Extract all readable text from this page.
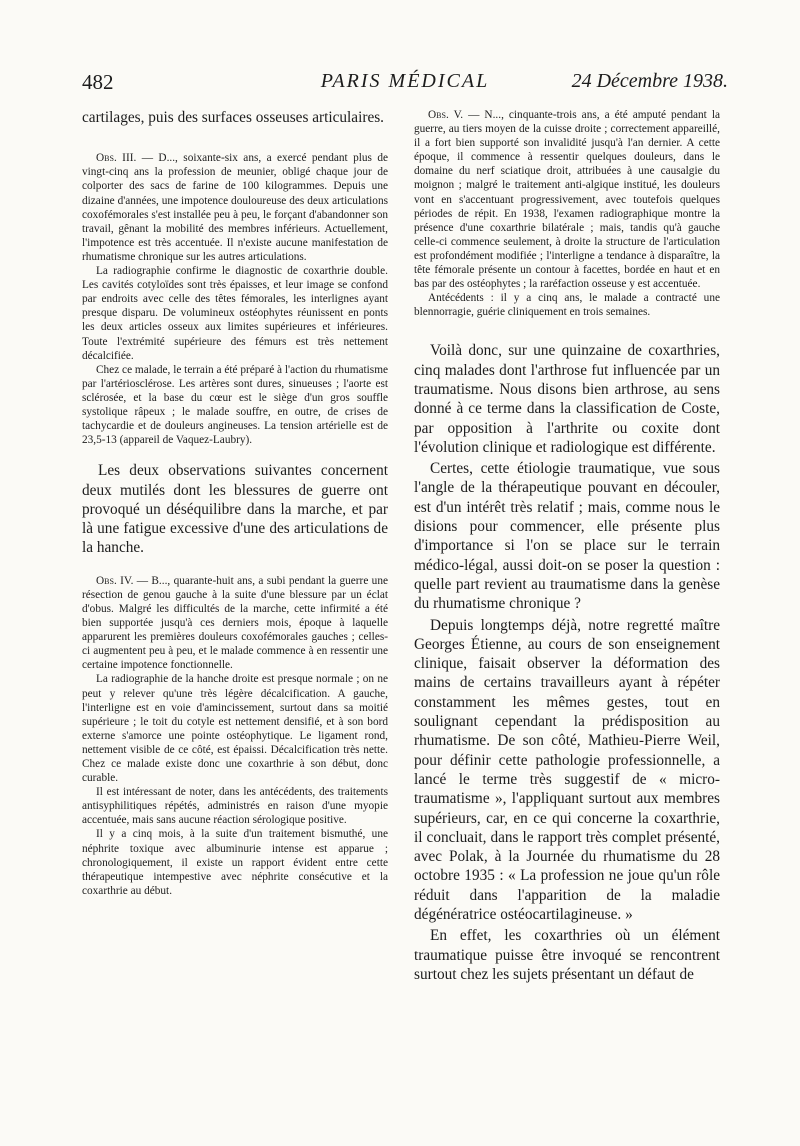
482	PARIS MÉDICAL	24 Décembre 1938.

cartilages, puis des surfaces osseuses articulaires.

Obs. III. — D..., soixante-six ans, a exercé pendant plus de vingt-cinq ans la profession de meunier, obligé chaque jour de colporter des sacs de farine de 100 kilogrammes. Depuis une dizaine d'années, une impotence douloureuse des deux articulations coxofémorales s'est installée peu à peu, le forçant d'abandonner son travail, gênant la mobilité des membres inférieurs. Actuellement, l'impotence est très accentuée. Il n'existe aucune manifestation de rhumatisme chronique sur les autres articulations.

La radiographie confirme le diagnostic de coxarthrie double. Les cavités cotyloïdes sont très épaisses, et leur image se confond par endroits avec celle des têtes fémorales, les interlignes ayant presque disparu. De volumineux ostéophytes réunissent en ponts les deux articles osseux aux limites supérieures et inférieures. Toute l'extrémité supérieure des fémurs est très nettement décalcifiée.

Chez ce malade, le terrain a été préparé à l'action du rhumatisme par l'artériosclérose. Les artères sont dures, sinueuses ; l'aorte est sclérosée, et la base du cœur est le siège d'un gros souffle systolique râpeux ; le malade souffre, en outre, de crises de tachycardie et de douleurs angineuses. La tension artérielle est de 23,5-13 (appareil de Vaquez-Laubry).

Les deux observations suivantes concernent deux mutilés dont les blessures de guerre ont provoqué un déséquilibre dans la marche, et par là une fatigue excessive d'une des articulations de la hanche.

Obs. IV. — B..., quarante-huit ans, a subi pendant la guerre une résection de genou gauche à la suite d'une blessure par un éclat d'obus. Malgré les difficultés de la marche, cette infirmité a été bien supportée jusqu'à ces derniers mois, époque à laquelle apparurent les premières douleurs coxofémorales gauches ; celles-ci augmentent peu à peu, et le malade commence à en ressentir une certaine impotence fonctionnelle.

La radiographie de la hanche droite est presque normale ; on ne peut y relever qu'une très légère décalcification. A gauche, l'interligne est en voie d'amincissement, surtout dans sa moitié supérieure ; le toit du cotyle est nettement densifié, et à son bord externe s'amorce une pointe ostéophytique. Le ligament rond, nettement visible de ce côté, est épaissi. Décalcification très nette. Chez ce malade existe donc une coxarthrie à son début, donc curable.

Il est intéressant de noter, dans les antécédents, des traitements antisyphilitiques répétés, administrés en raison d'une myopie accentuée, mais sans aucune réaction sérologique positive.

Il y a cinq mois, à la suite d'un traitement bismuthé, une néphrite toxique avec albuminurie intense est apparue ; chronologiquement, il existe un rapport évident entre cette thérapeutique intempestive avec néphrite consécutive et la coxarthrie au début.

Obs. V. — N..., cinquante-trois ans, a été amputé pendant la guerre, au tiers moyen de la cuisse droite ; correctement appareillé, il a fort bien supporté son invalidité jusqu'à l'an dernier. A cette époque, il commence à ressentir quelques douleurs, dans le domaine du nerf sciatique droit, attribuées à une causalgie du moignon ; malgré le traitement anti-algique institué, les douleurs vont en s'accentuant progressivement, avec toutefois quelques périodes de répit. En 1938, l'examen radiographique montre la présence d'une coxarthrie bilatérale ; mais, tandis qu'à gauche celle-ci commence seulement, à droite la structure de l'articulation est profondément modifiée ; l'interligne a tendance à disparaître, la tête fémorale présente un contour à facettes, bordée en haut et en bas par des ostéophytes ; la raréfaction osseuse y est accentuée.

Antécédents : il y a cinq ans, le malade a contracté une blennorragie, guérie cliniquement en trois semaines.

Voilà donc, sur une quinzaine de coxarthries, cinq malades dont l'arthrose fut influencée par un traumatisme. Nous disons bien arthrose, au sens donné à ce terme dans la classification de Coste, par opposition à l'arthrite ou coxite dont l'évolution clinique et radiologique est différente.

Certes, cette étiologie traumatique, vue sous l'angle de la thérapeutique pouvant en découler, est d'un intérêt très relatif ; mais, comme nous le disions pour commencer, elle présente plus d'importance si l'on se place sur le terrain médico-légal, aussi doit-on se poser la question : quelle part revient au traumatisme dans la genèse du rhumatisme chronique ?

Depuis longtemps déjà, notre regretté maître Georges Étienne, au cours de son enseignement clinique, faisait observer la déformation des mains de certains travailleurs ayant à répéter constamment les mêmes gestes, tout en soulignant cependant la prédisposition au rhumatisme. De son côté, Mathieu-Pierre Weil, pour définir cette pathologie professionnelle, a lancé le terme très suggestif de « micro-traumatisme », l'appliquant surtout aux membres supérieurs, car, en ce qui concerne la coxarthrie, il concluait, dans le rapport très complet présenté, avec Polak, à la Journée du rhumatisme du 28 octobre 1935 : « La profession ne joue qu'un rôle réduit dans l'apparition de la maladie dégénératrice ostéocartilagineuse. »

En effet, les coxarthries où un élément traumatique puisse être invoqué se rencontrent surtout chez les sujets présentant un défaut de
